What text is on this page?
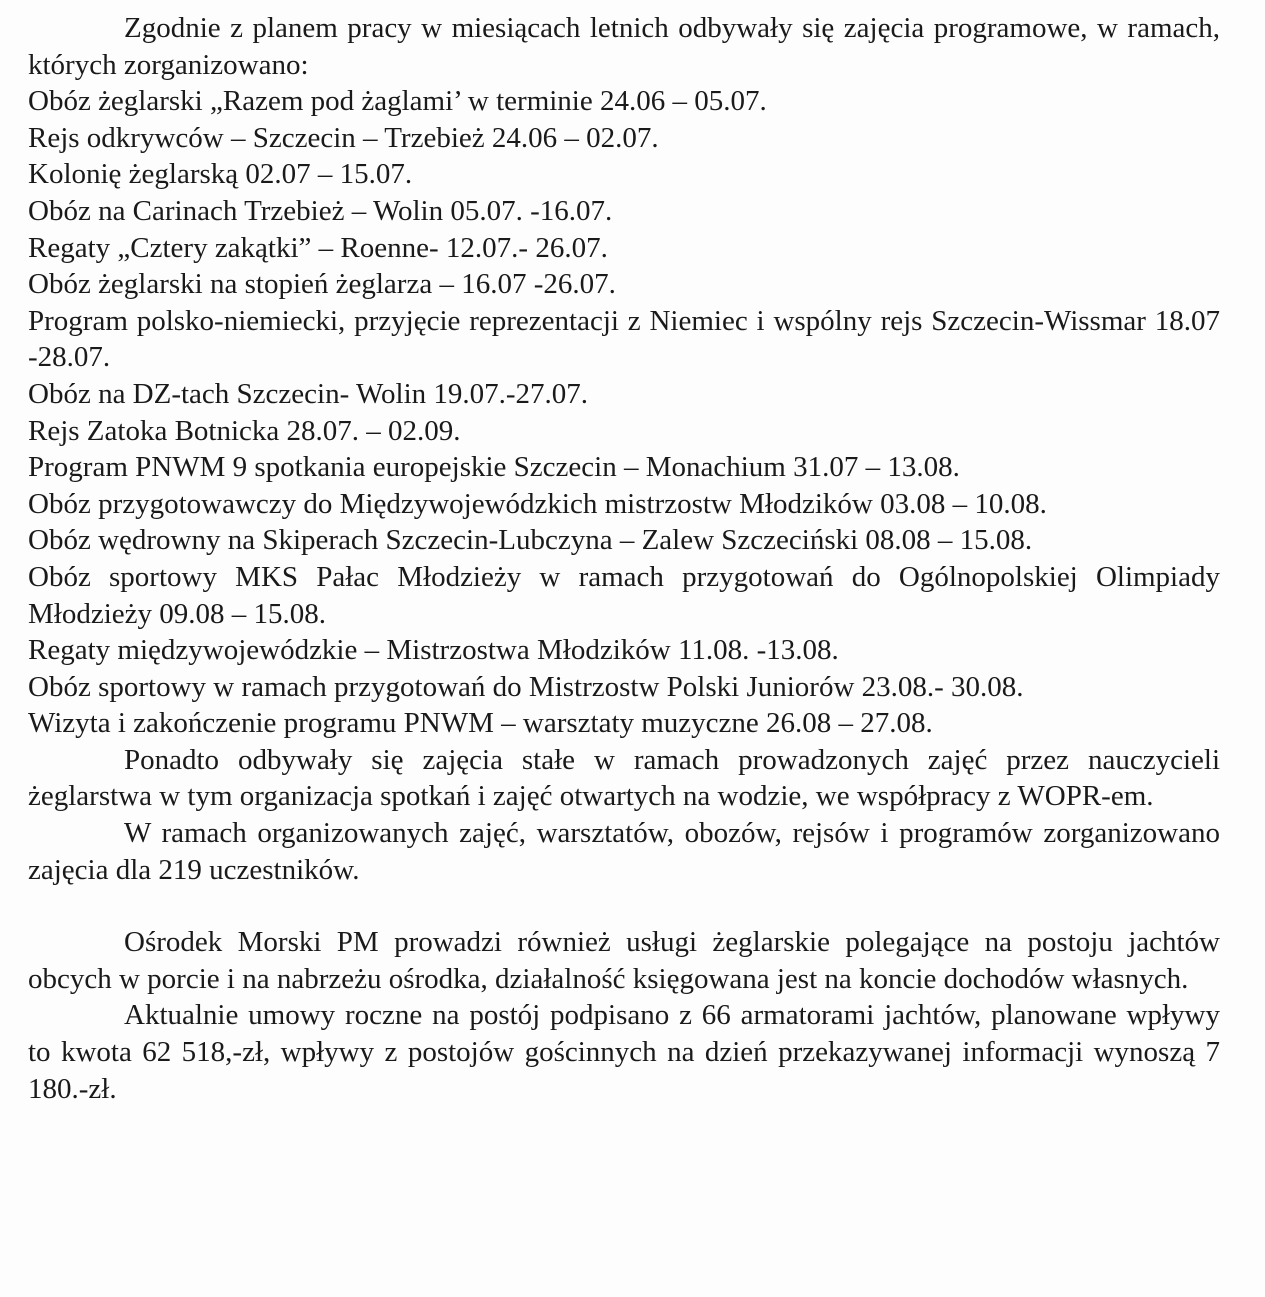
Zgodnie z planem pracy w miesiącach letnich odbywały się zajęcia programowe, w ramach, których zorganizowano:

Obóz żeglarski „Razem pod żaglami’ w terminie 24.06 – 05.07.

Rejs odkrywców – Szczecin – Trzebież 24.06 – 02.07.

Kolonię żeglarską 02.07 – 15.07.

Obóz na Carinach Trzebież – Wolin 05.07. -16.07.

Regaty „Cztery zakątki” – Roenne- 12.07.- 26.07.

Obóz żeglarski na stopień żeglarza – 16.07 -26.07.

Program polsko-niemiecki, przyjęcie reprezentacji z Niemiec i wspólny rejs Szczecin-Wissmar 18.07 -28.07.

Obóz na DZ-tach Szczecin- Wolin 19.07.-27.07.

Rejs Zatoka Botnicka 28.07. – 02.09.

Program PNWM 9 spotkania europejskie Szczecin – Monachium 31.07 – 13.08.

Obóz przygotowawczy do Międzywojewódzkich mistrzostw Młodzików 03.08 – 10.08.

Obóz wędrowny na Skiperach Szczecin-Lubczyna – Zalew Szczeciński 08.08 – 15.08.

Obóz sportowy MKS Pałac Młodzieży w ramach przygotowań do Ogólnopolskiej Olimpiady Młodzieży 09.08 – 15.08.

Regaty międzywojewódzkie – Mistrzostwa Młodzików 11.08. -13.08.

Obóz sportowy w ramach przygotowań do Mistrzostw Polski Juniorów 23.08.- 30.08.

Wizyta i zakończenie programu PNWM – warsztaty muzyczne 26.08 – 27.08.

Ponadto odbywały się zajęcia stałe w ramach prowadzonych zajęć przez nauczycieli żeglarstwa w tym organizacja spotkań i zajęć otwartych na wodzie, we współpracy z WOPR-em.

W ramach organizowanych zajęć, warsztatów, obozów, rejsów i programów zorganizowano zajęcia dla 219 uczestników.

Ośrodek Morski PM prowadzi również usługi żeglarskie polegające na postoju jachtów obcych w porcie i na nabrzeżu ośrodka, działalność księgowana jest na koncie dochodów własnych.

Aktualnie umowy roczne na postój podpisano z 66 armatorami jachtów, planowane wpływy to kwota 62 518,-zł, wpływy z postojów gościnnych na dzień przekazywanej informacji wynoszą 7 180.-zł.
